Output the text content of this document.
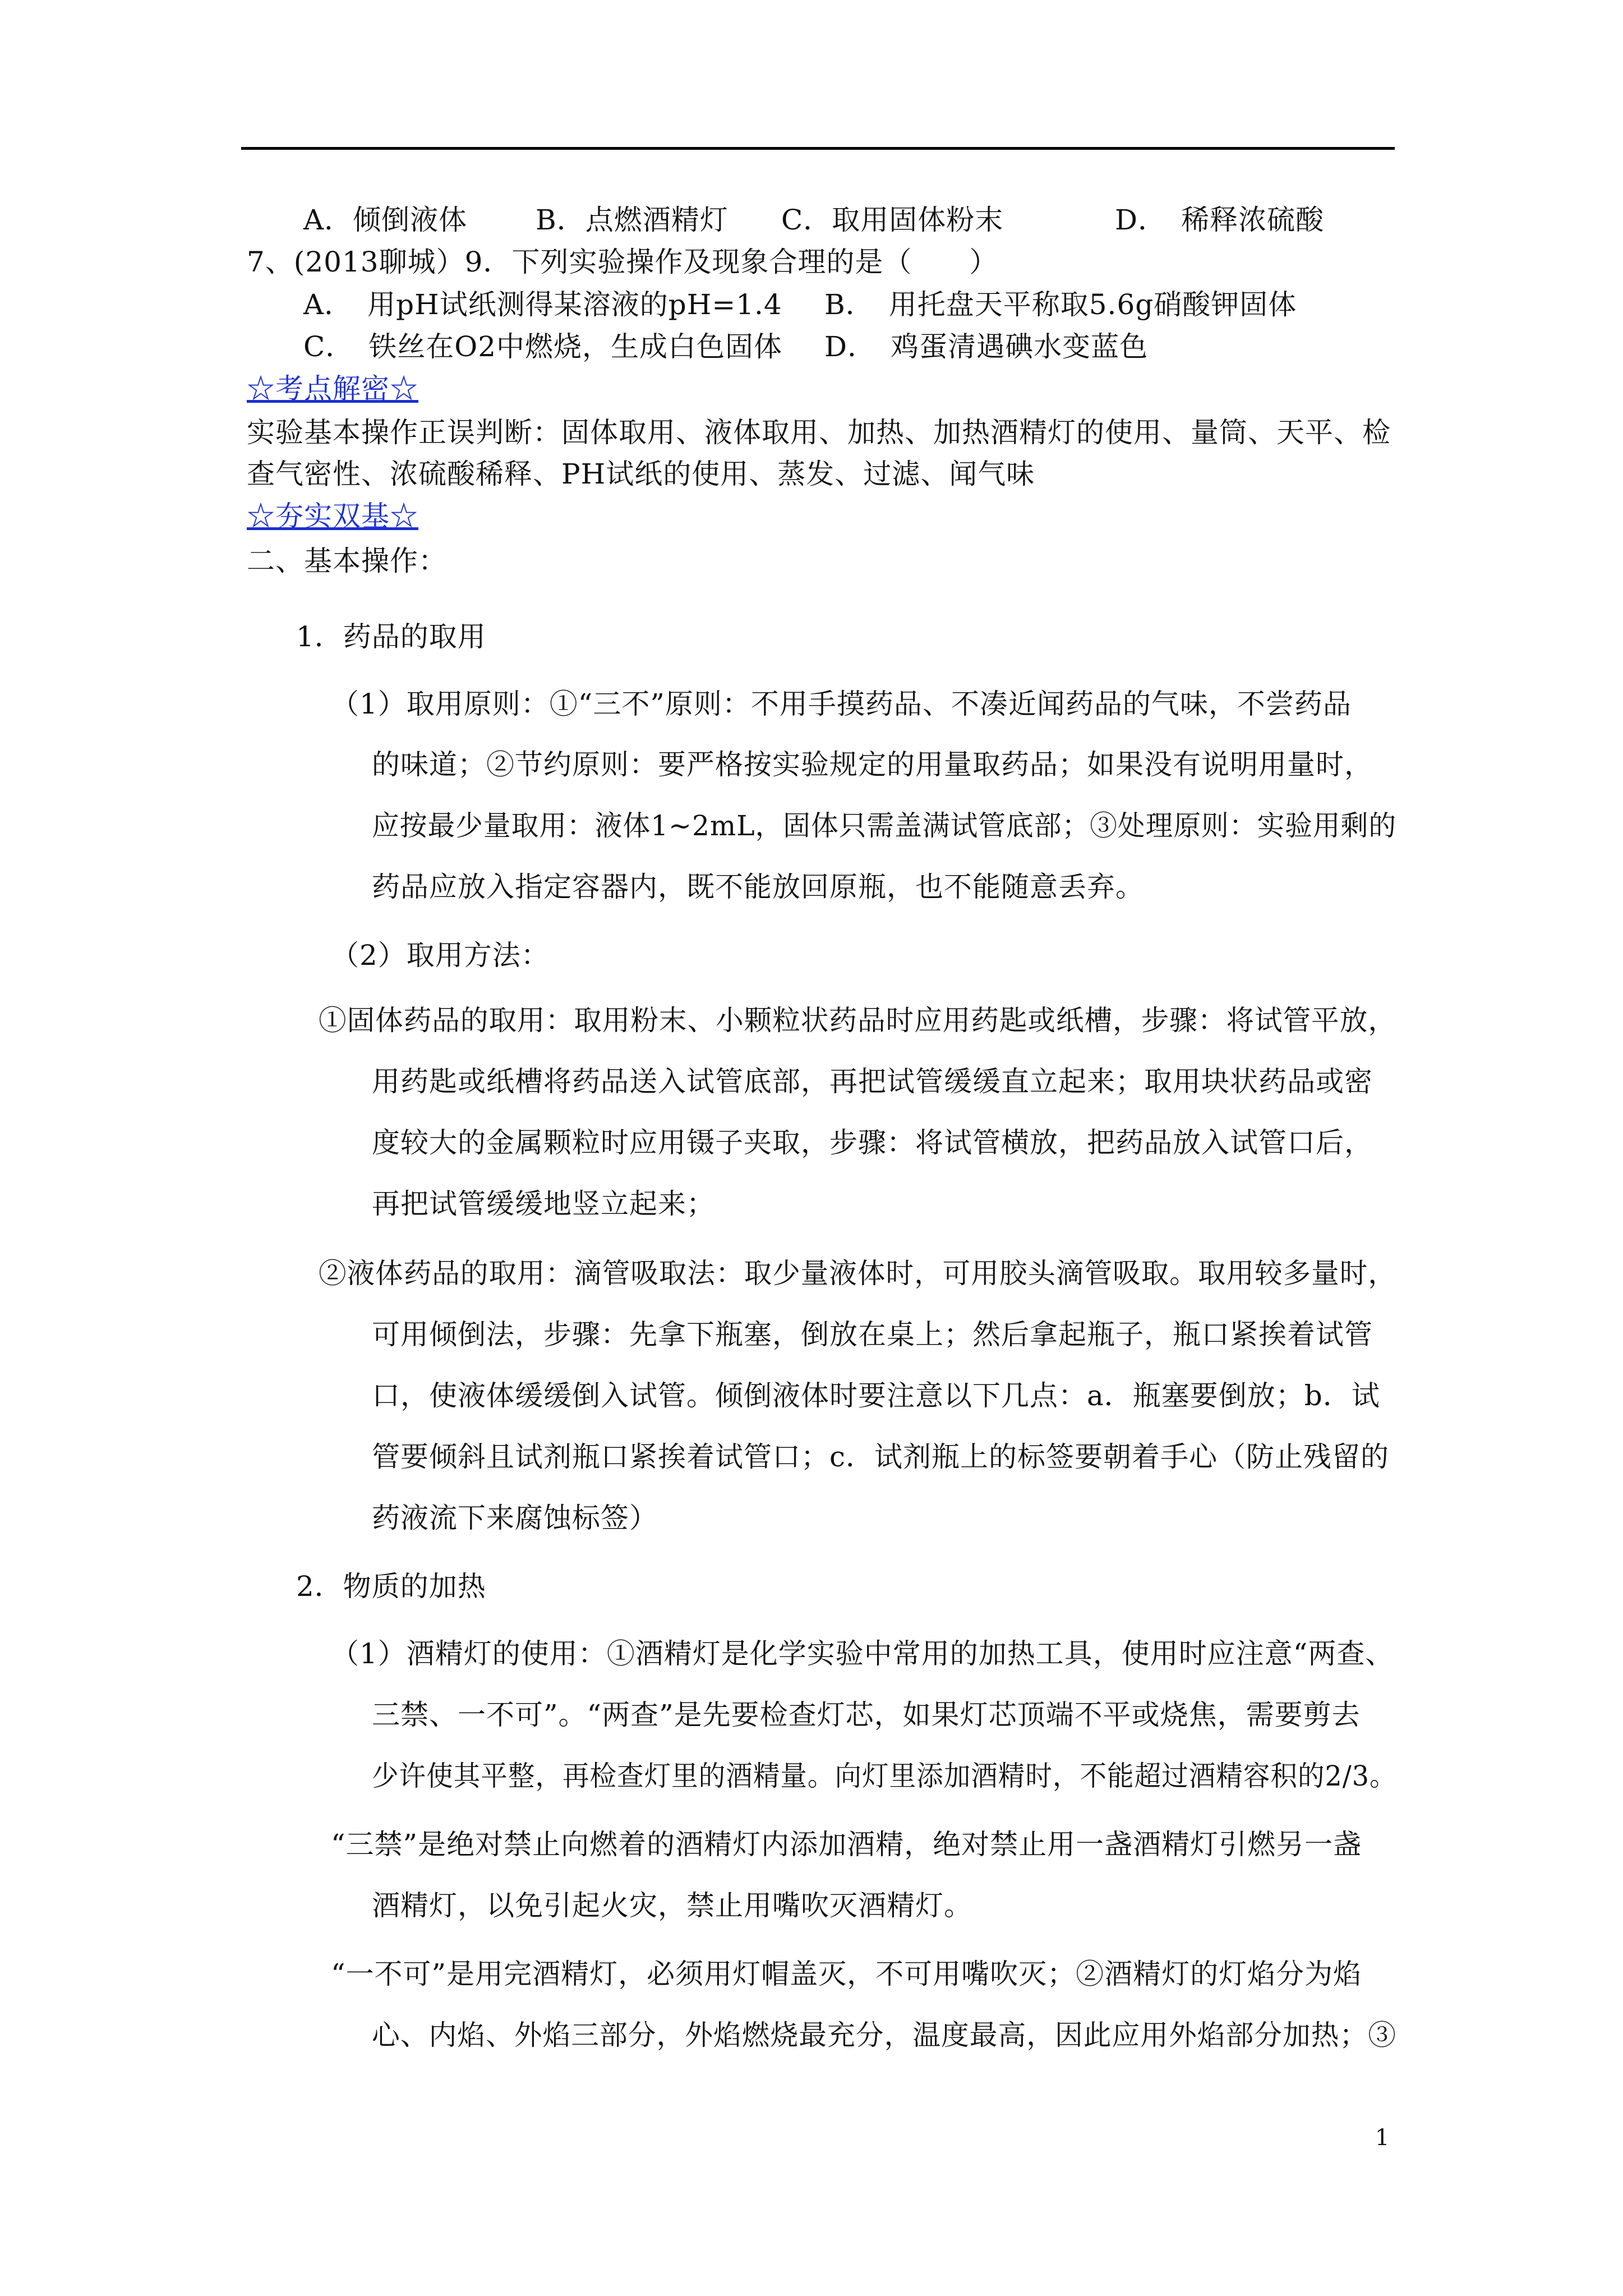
A．倾倒液体 B．点燃酒精灯 C．取用固体粉末	D．　稀释浓硫酸
7、(2013聊城）9．下列实验操作及现象合理的是（　　）
A．　用pH试纸测得某溶液的pH=1.4 B．　用托盘天平称取5.6g硝酸钾固体
C．　铁丝在O2中燃烧，生成白色固体 D．　鸡蛋清遇碘水变蓝色
☆考点解密☆
实验基本操作正误判断：固体取用、液体取用、加热、加热酒精灯的使用、量筒、天平、检
查气密性、浓硫酸稀释、PH试纸的使用、蒸发、过滤、闻气味
☆夯实双基☆
二、基本操作：
1．药品的取用
（1）取用原则：①“三不”原则：不用手摸药品、不凑近闻药品的气味，不尝药品
的味道；②节约原则：要严格按实验规定的用量取药品；如果没有说明用量时，
应按最少量取用：液体1~2mL，固体只需盖满试管底部；③处理原则：实验用剩的
药品应放入指定容器内，既不能放回原瓶，也不能随意丢弃。
（2）取用方法：
①固体药品的取用：取用粉末、小颗粒状药品时应用药匙或纸槽，步骤：将试管平放，
用药匙或纸槽将药品送入试管底部，再把试管缓缓直立起来；取用块状药品或密
度较大的金属颗粒时应用镊子夹取，步骤：将试管横放，把药品放入试管口后，
再把试管缓缓地竖立起来；
②液体药品的取用：滴管吸取法：取少量液体时，可用胶头滴管吸取。取用较多量时，
可用倾倒法，步骤：先拿下瓶塞，倒放在桌上；然后拿起瓶子，瓶口紧挨着试管
口，使液体缓缓倒入试管。倾倒液体时要注意以下几点：a．瓶塞要倒放；b．试
管要倾斜且试剂瓶口紧挨着试管口；c．试剂瓶上的标签要朝着手心（防止残留的
药液流下来腐蚀标签）
2．物质的加热
（1）酒精灯的使用：①酒精灯是化学实验中常用的加热工具，使用时应注意“两查、
三禁、一不可”。“两查”是先要检查灯芯，如果灯芯顶端不平或烧焦，需要剪去
少许使其平整，再检查灯里的酒精量。向灯里添加酒精时，不能超过酒精容积的2/3。
“三禁”是绝对禁止向燃着的酒精灯内添加酒精，绝对禁止用一盏酒精灯引燃另一盏
酒精灯，以免引起火灾，禁止用嘴吹灭酒精灯。
“一不可”是用完酒精灯，必须用灯帽盖灭，不可用嘴吹灭；②酒精灯的灯焰分为焰
心、内焰、外焰三部分，外焰燃烧最充分，温度最高，因此应用外焰部分加热；③
1
